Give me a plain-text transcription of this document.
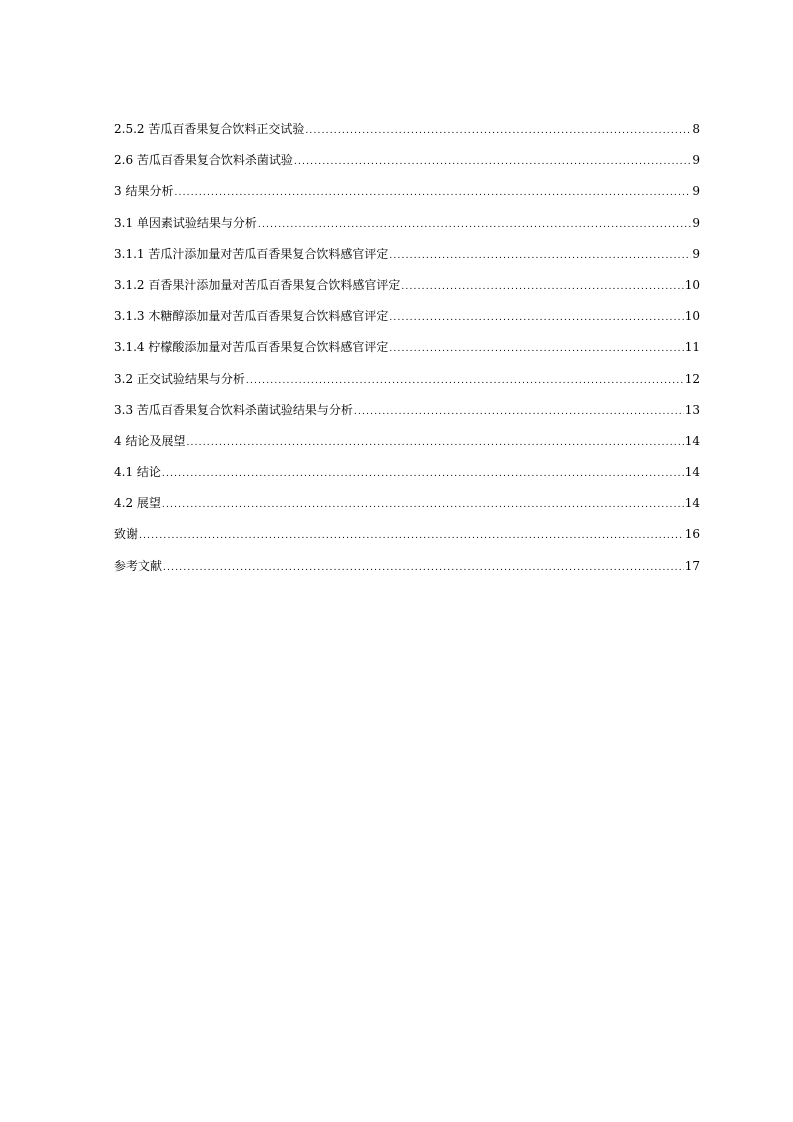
2.5.2 苦瓜百香果复合饮料正交试验 .....	8
2.6 苦瓜百香果复合饮料杀菌试验 .....	9
3 结果分析 .....	9
3.1 单因素试验结果与分析 .....	9
3.1.1 苦瓜汁添加量对苦瓜百香果复合饮料感官评定 .....	9
3.1.2 百香果汁添加量对苦瓜百香果复合饮料感官评定 .....	10
3.1.3 木糖醇添加量对苦瓜百香果复合饮料感官评定 .....	10
3.1.4 柠檬酸添加量对苦瓜百香果复合饮料感官评定 .....	11
3.2 正交试验结果与分析 .....	12
3.3 苦瓜百香果复合饮料杀菌试验结果与分析 .....	13
4 结论及展望 .....	14
4.1 结论 .....	14
4.2 展望 .....	14
致谢 .....	16
参考文献 .....	17
